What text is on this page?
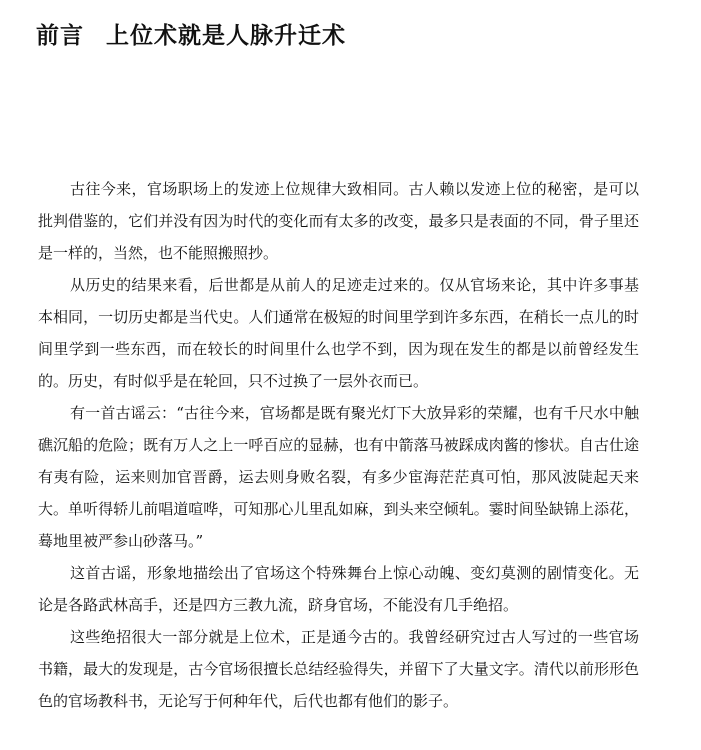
前言 上位术就是人脉升迁术

古往今来，官场职场上的发迹上位规律大致相同。古人赖以发迹上位的秘密，是可以批判借鉴的，它们并没有因为时代的变化而有太多的改变，最多只是表面的不同，骨子里还是一样的，当然，也不能照搬照抄。

从历史的结果来看，后世都是从前人的足迹走过来的。仅从官场来论，其中许多事基本相同，一切历史都是当代史。人们通常在极短的时间里学到许多东西，在稍长一点儿的时间里学到一些东西，而在较长的时间里什么也学不到，因为现在发生的都是以前曾经发生的。历史，有时似乎是在轮回，只不过换了一层外衣而已。

有一首古谣云：“古往今来，官场都是既有聚光灯下大放异彩的荣耀，也有千尺水中触礁沉船的危险；既有万人之上一呼百应的显赫，也有中箭落马被踩成肉酱的惨状。自古仕途有夷有险，运来则加官晋爵，运去则身败名裂，有多少宦海茫茫真可怕，那风波陡起天来大。单听得轿儿前唱道喧哗，可知那心儿里乱如麻，到头来空倾轧。霎时间坠缺锦上添花，蓦地里被严参山砂落马。”

这首古谣，形象地描绘出了官场这个特殊舞台上惊心动魄、变幻莫测的剧情变化。无论是各路武林高手，还是四方三教九流，跻身官场，不能没有几手绝招。

这些绝招很大一部分就是上位术，正是通今古的。我曾经研究过古人写过的一些官场书籍，最大的发现是，古今官场很擅长总结经验得失，并留下了大量文字。清代以前形形色色的官场教科书，无论写于何种年代，后代也都有他们的影子。
